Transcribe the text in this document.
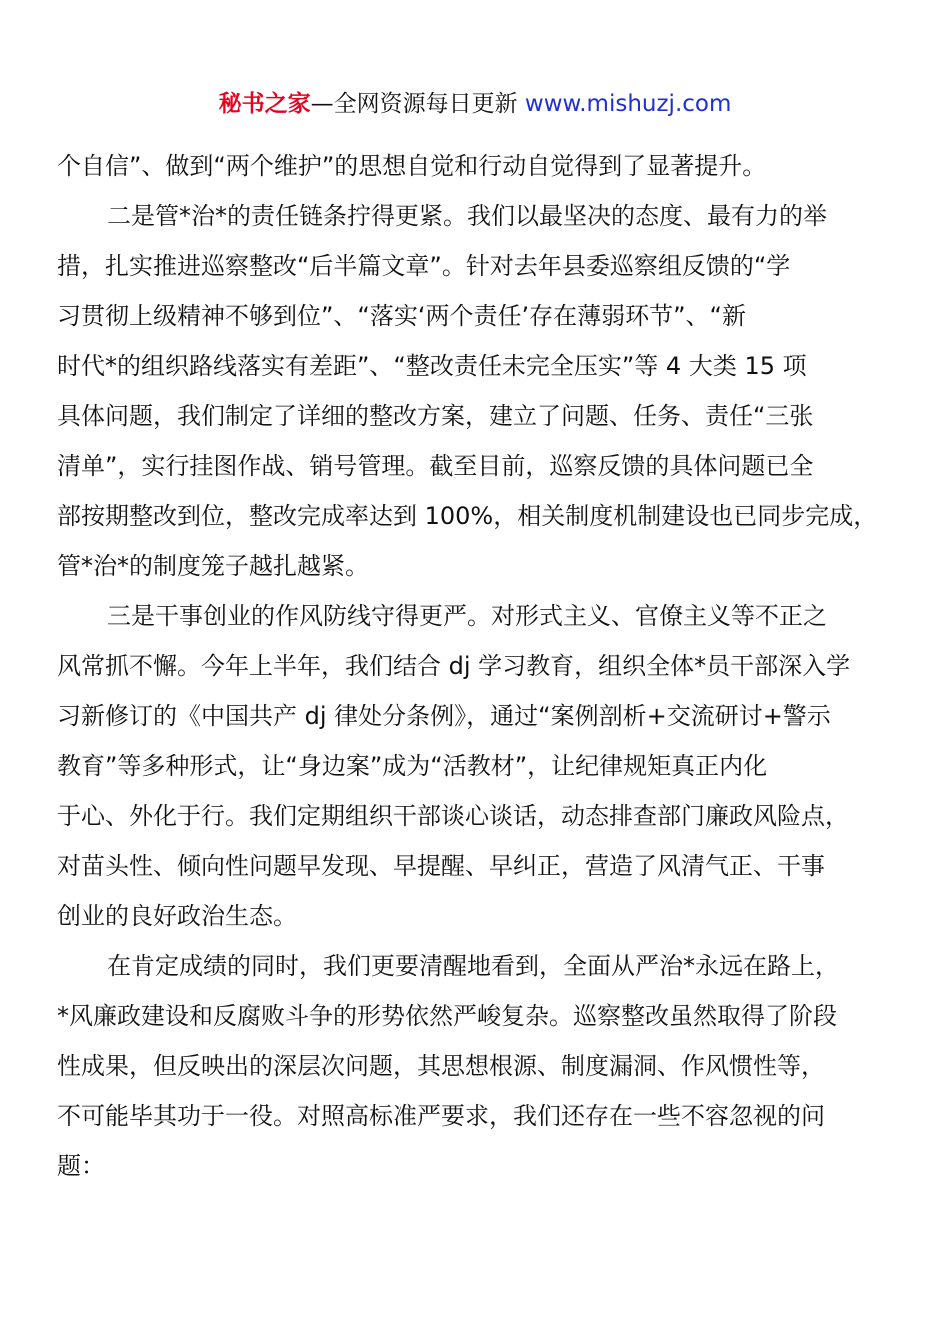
秘书之家—全网资源每日更新 www.mishuzj.com

个自信”、做到“两个维护”的思想自觉和行动自觉得到了显著提升。

二是管*治*的责任链条拧得更紧。我们以最坚决的态度、最有力的举

措，扎实推进巡察整改“后半篇文章”。针对去年县委巡察组反馈的“学

习贯彻上级精神不够到位”、“落实‘两个责任’存在薄弱环节”、“新

时代*的组织路线落实有差距”、“整改责任未完全压实”等 4 大类 15 项

具体问题，我们制定了详细的整改方案，建立了问题、任务、责任“三张

清单”，实行挂图作战、销号管理。截至目前，巡察反馈的具体问题已全

部按期整改到位，整改完成率达到 100%，相关制度机制建设也已同步完成，

管*治*的制度笼子越扎越紧。

三是干事创业的作风防线守得更严。对形式主义、官僚主义等不正之

风常抓不懈。今年上半年，我们结合 dj 学习教育，组织全体*员干部深入学

习新修订的《中国共产 dj 律处分条例》，通过“案例剖析+交流研讨+警示

教育”等多种形式，让“身边案”成为“活教材”，让纪律规矩真正内化

于心、外化于行。我们定期组织干部谈心谈话，动态排查部门廉政风险点，

对苗头性、倾向性问题早发现、早提醒、早纠正，营造了风清气正、干事

创业的良好政治生态。

在肯定成绩的同时，我们更要清醒地看到，全面从严治*永远在路上，

*风廉政建设和反腐败斗争的形势依然严峻复杂。巡察整改虽然取得了阶段

性成果，但反映出的深层次问题，其思想根源、制度漏洞、作风惯性等，

不可能毕其功于一役。对照高标准严要求，我们还存在一些不容忽视的问

题：
